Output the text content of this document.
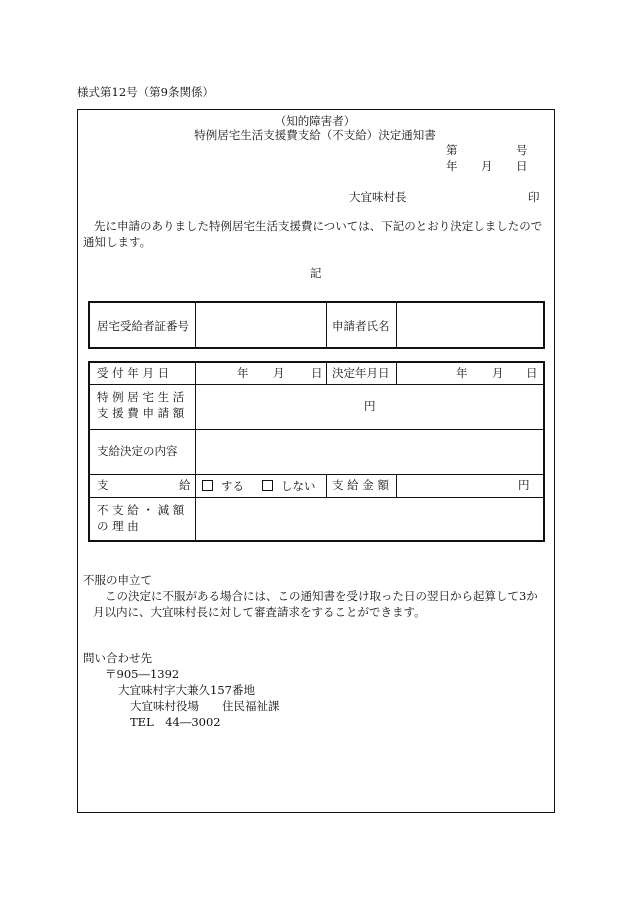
様式第12号（第9条関係）
（知的障害者）
特例居宅生活支援費支給（不支給）決定通知書
第	号
年 月 日
大宜味村長	印
先に申請のありました特例居宅生活支援費については、下記のとおり決定しましたので
通知します。
記
居宅受給者証番号	申請者氏名
受 付 年 月 日	年 月 日 決定年月日	年 月 日
特 例 居 宅 生 活
支 援 費 申 請 額	円
支給決定の内容
支	給	する	しない 支 給 金 額	円
不 支 給 ・ 減 額
の 理 由
不服の申立て
この決定に不服がある場合には、この通知書を受け取った日の翌日から起算して3か
月以内に、大宜味村長に対して審査請求をすることができます。
問い合わせ先
〒905―1392
大宜味村字大兼久157番地
大宜味村役場 住民福祉課
TEL　44―3002
